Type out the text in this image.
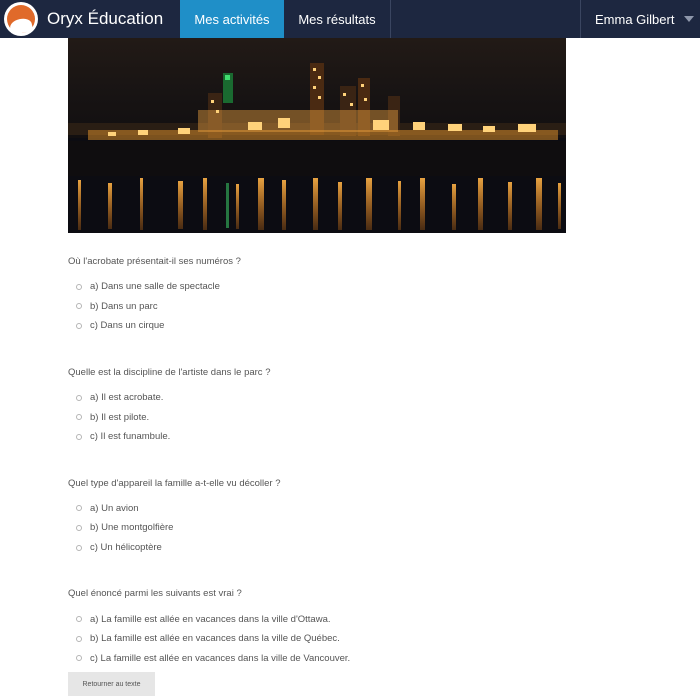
Oryx Éducation	Mes activités	Mes résultats	Emma Gilbert

Où l'acrobate présentait-il ses numéros ?

a) Dans une salle de spectacle
b) Dans un parc
c) Dans un cirque

Quelle est la discipline de l'artiste dans le parc ?

a) Il est acrobate.
b) Il est pilote.
c) Il est funambule.

Quel type d'appareil la famille a-t-elle vu décoller ?

a) Un avion
b) Une montgolfière
c) Un hélicoptère

Quel énoncé parmi les suivants est vrai ?

a) La famille est allée en vacances dans la ville d'Ottawa.
b) La famille est allée en vacances dans la ville de Québec.
c) La famille est allée en vacances dans la ville de Vancouver.
Retourner au texte
